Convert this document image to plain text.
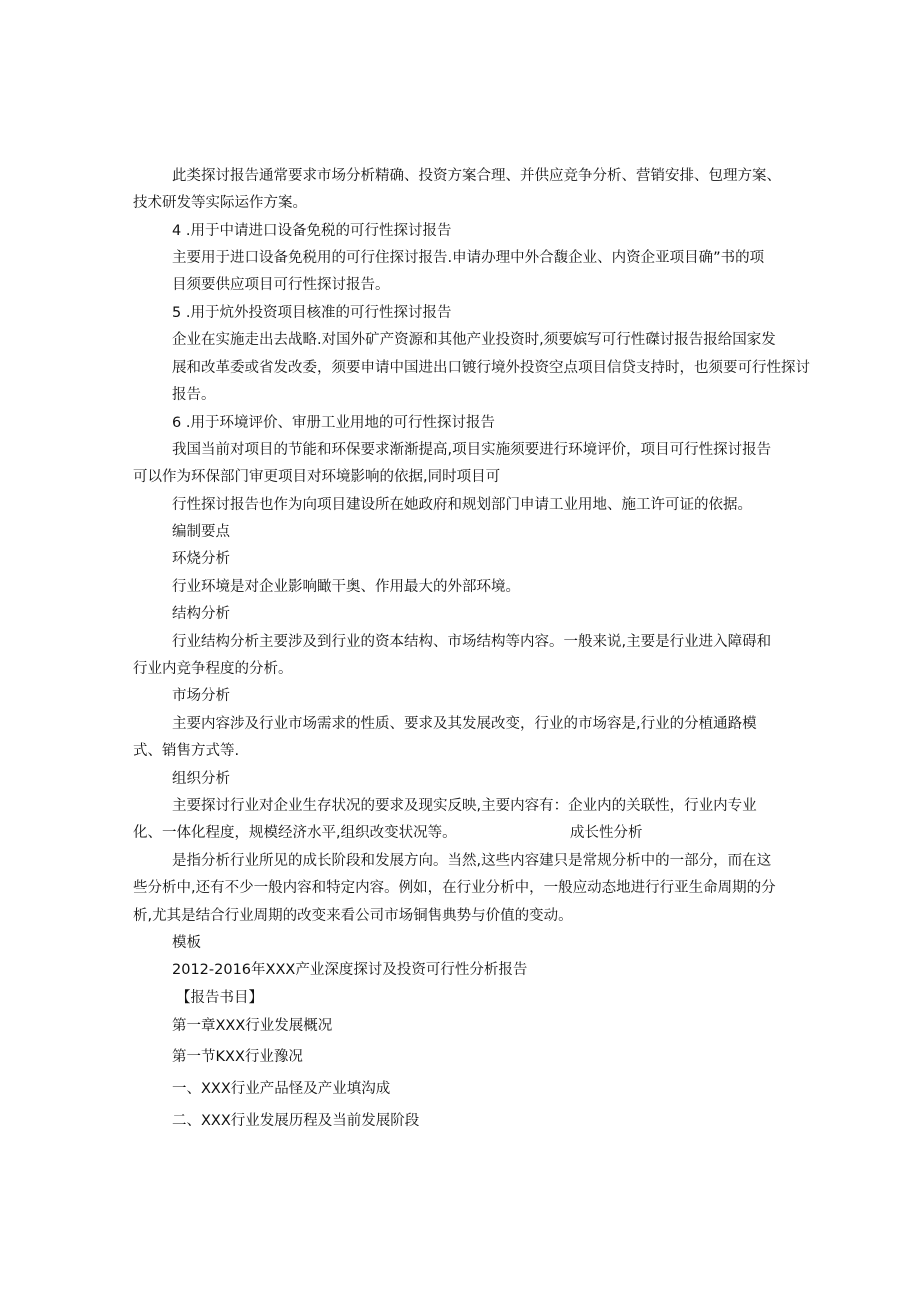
此类探讨报告通常要求市场分析精确、投资方案合理、并供应竞争分析、营销安排、包理方案、
技术研发等实际运作方案。
4 .用于中请进口设备免税的可行性探讨报告
主要用于进口设备免税用的可行住探讨报告.申请办理中外合馥企业、内资企亚项目确”书的项
目须要供应项目可行性探讨报告。
5 .用于炕外投资项目核准的可行性探讨报告
企业在实施走出去战略.对国外矿产资源和其他产业投资时,须要嫔写可行性磔讨报告报给国家发
展和改革委或省发改委，须要申请中国进出口镀行境外投资空点项目信贷支持时，也须要可行性探讨
报告。
6 .用于环境评价、审册工业用地的可行性探讨报告
我国当前对项目的节能和环保要求渐渐提高,项目实施须要进行环境评价，项目可行性探讨报告
可以作为环保部门审更项目对环境影响的依据,同时项目可
行性探讨报告也作为向项目建设所在她政府和规划部门申请工业用地、施工许可证的依据。
编制要点
环烧分析
行业环境是对企业影响瞰干奥、作用最大的外部环境。
结构分析
行业结构分析主要涉及到行业的资本结构、市场结构等内容。一般来说,主要是行业进入障碍和
行业内竞争程度的分析。
市场分析
主要内容涉及行业市场需求的性质、要求及其发展改变，行业的市场容是,行业的分植通路模
式、销售方式等.
组织分析
主要探讨行业对企业生存状况的要求及现实反映,主要内容有：企业内的关联性，行业内专业
化、一体化程度，规模经济水平,组织改变状况等。	成长性分析
是指分析行业所见的成长阶段和发展方向。当然,这些内容建只是常规分析中的一部分，而在这
些分析中,还有不少一般内容和特定内容。例如，在行业分析中，一般应动态地进行行亚生命周期的分
析,尤其是结合行业周期的改变来看公司市场铜售典势与价值的变动。
模板
2012-2016年XXX产业深度探讨及投资可行性分析报告
【报告书目】
第一章XXX行业发展概况
第一节KXX行业豫况
一、XXX行业产品怪及产业填沟成
二、XXX行业发展历程及当前发展阶段
